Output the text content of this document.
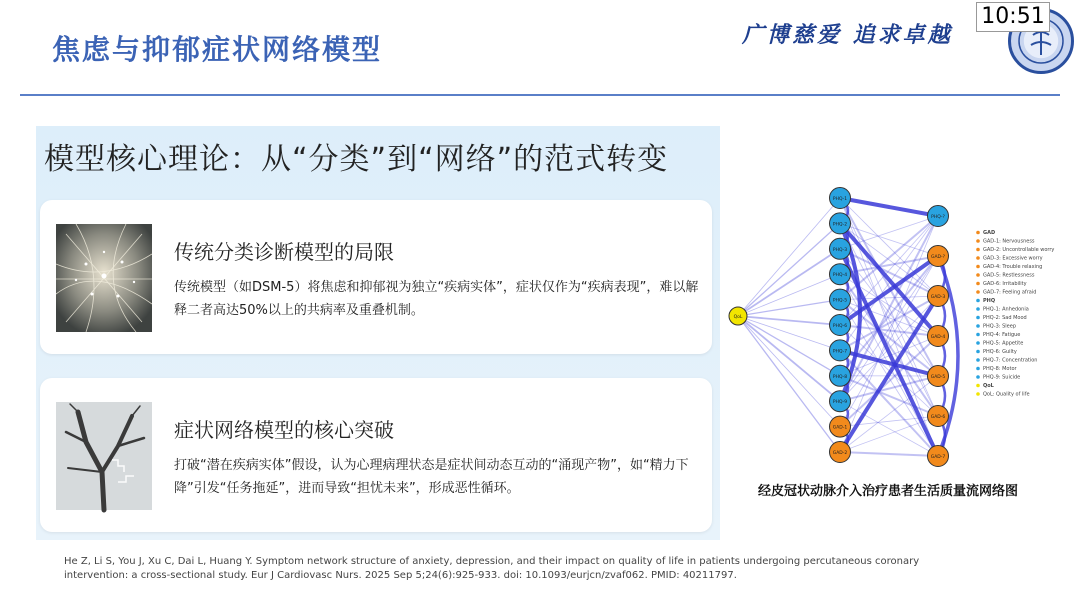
焦虑与抑郁症状网络模型	广博慈爱 追求卓越
10:51
模型核心理论：从“分类”到“网络”的范式转变
传统分类诊断模型的局限
传统模型（如DSM-5）将焦虑和抑郁视为独立“疾病实体”，症状仅作为“疾病表现”，难以解释二者高达50%以上的共病率及重叠机制。
症状网络模型的核心突破
打破“潜在疾病实体”假设，认为心理病理状态是症状间动态互动的“涌现产物”，如“精力下降”引发“任务拖延”，进而导致“担忧未来”，形成恶性循环。
QoL
PHQ-1
PHQ-2
PHQ-3
PHQ-4
PHQ-5
PHQ-6
PHQ-7
PHQ-8
PHQ-9
GAD-1
GAD-2
PHQ-?
GAD-?
GAD-3
GAD-4
GAD-5
GAD-6
GAD-7
GAD
GAD-1: Nervousness
GAD-2: Uncontrollable worry
GAD-3: Excessive worry
GAD-4: Trouble relaxing
GAD-5: Restlessness
GAD-6: Irritability
GAD-7: Feeling afraid
PHQ
PHQ-1: Anhedonia
PHQ-2: Sad Mood
PHQ-3: Sleep
PHQ-4: Fatigue
PHQ-5: Appetite
PHQ-6: Guilty
PHQ-7: Concentration
PHQ-8: Motor
PHQ-9: Suicide
QoL
QoL: Quality of life
经皮冠状动脉介入治疗患者生活质量流网络图
He Z, Li S, You J, Xu C, Dai L, Huang Y. Symptom network structure of anxiety, depression, and their impact on quality of life in patients undergoing percutaneous coronary intervention: a cross-sectional study. Eur J Cardiovasc Nurs. 2025 Sep 5;24(6):925-933. doi: 10.1093/eurjcn/zvaf062. PMID: 40211797.
